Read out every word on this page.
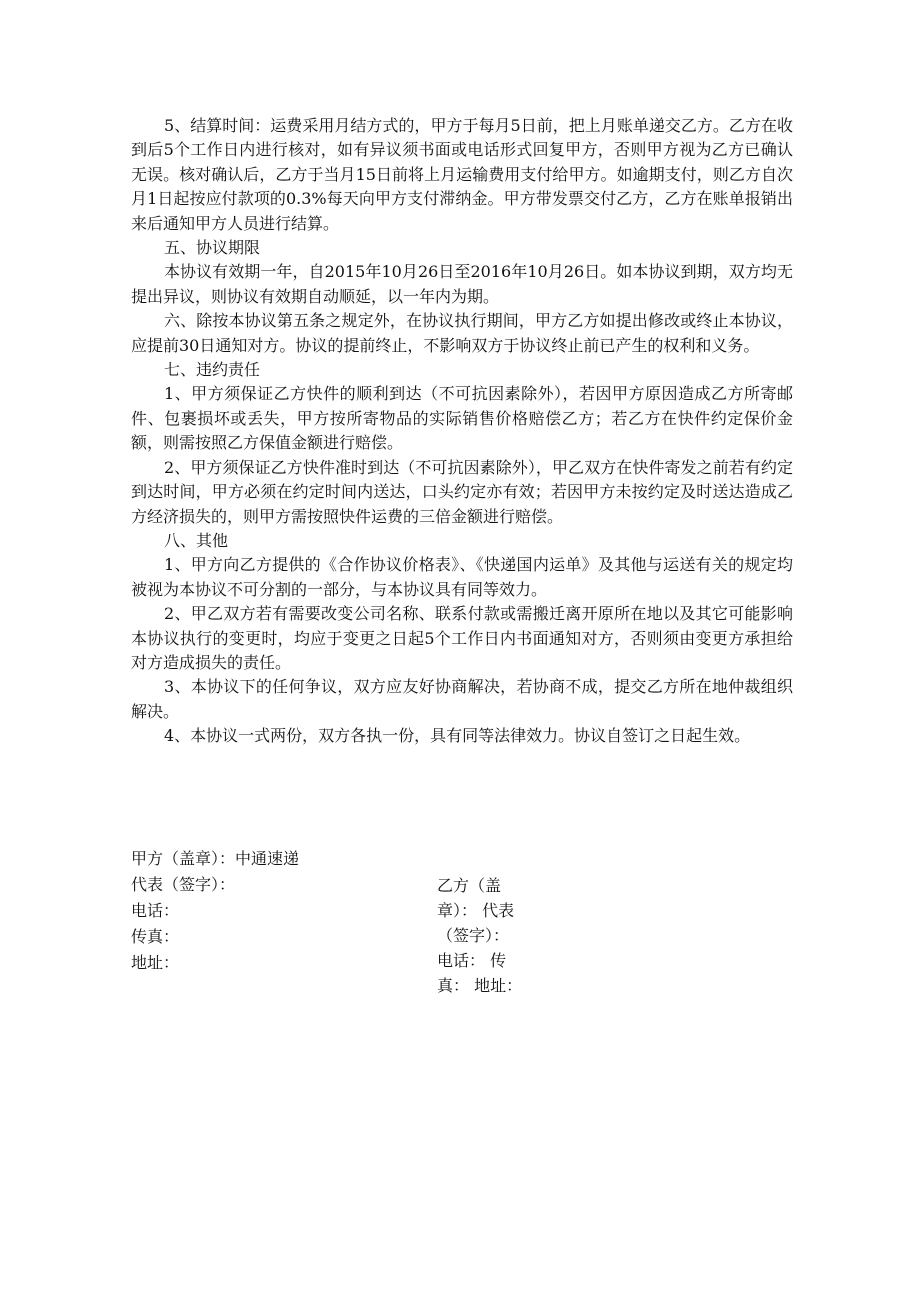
5、结算时间：运费采用月结方式的，甲方于每月5日前，把上月账单递交乙方。乙方在收到后5个工作日内进行核对，如有异议须书面或电话形式回复甲方，否则甲方视为乙方已确认无误。核对确认后，乙方于当月15日前将上月运输费用支付给甲方。如逾期支付，则乙方自次月1日起按应付款项的0.3%每天向甲方支付滞纳金。甲方带发票交付乙方，乙方在账单报销出来后通知甲方人员进行结算。

五、协议期限

本协议有效期一年，自2015年10月26日至2016年10月26日。如本协议到期，双方均无提出异议，则协议有效期自动顺延，以一年内为期。

六、除按本协议第五条之规定外，在协议执行期间，甲方乙方如提出修改或终止本协议，应提前30日通知对方。协议的提前终止，不影响双方于协议终止前已产生的权利和义务。

七、违约责任

1、甲方须保证乙方快件的顺利到达（不可抗因素除外），若因甲方原因造成乙方所寄邮件、包裹损坏或丢失，甲方按所寄物品的实际销售价格赔偿乙方；若乙方在快件约定保价金额，则需按照乙方保值金额进行赔偿。

2、甲方须保证乙方快件准时到达（不可抗因素除外），甲乙双方在快件寄发之前若有约定到达时间，甲方必须在约定时间内送达，口头约定亦有效；若因甲方未按约定及时送达造成乙方经济损失的，则甲方需按照快件运费的三倍金额进行赔偿。

八、其他

1、甲方向乙方提供的《合作协议价格表》、《快递国内运单》及其他与运送有关的规定均被视为本协议不可分割的一部分，与本协议具有同等效力。

2、甲乙双方若有需要改变公司名称、联系付款或需搬迁离开原所在地以及其它可能影响本协议执行的变更时，均应于变更之日起5个工作日内书面通知对方，否则须由变更方承担给对方造成损失的责任。

3、本协议下的任何争议，双方应友好协商解决，若协商不成，提交乙方所在地仲裁组织解决。

4、本协议一式两份，双方各执一份，具有同等法律效力。协议自签订之日起生效。

甲方（盖章）：中通速递
代表（签字）：
电话：
传真：
地址：
乙方（盖
章）： 代表
（签字）：
电话： 传
真： 地址：
